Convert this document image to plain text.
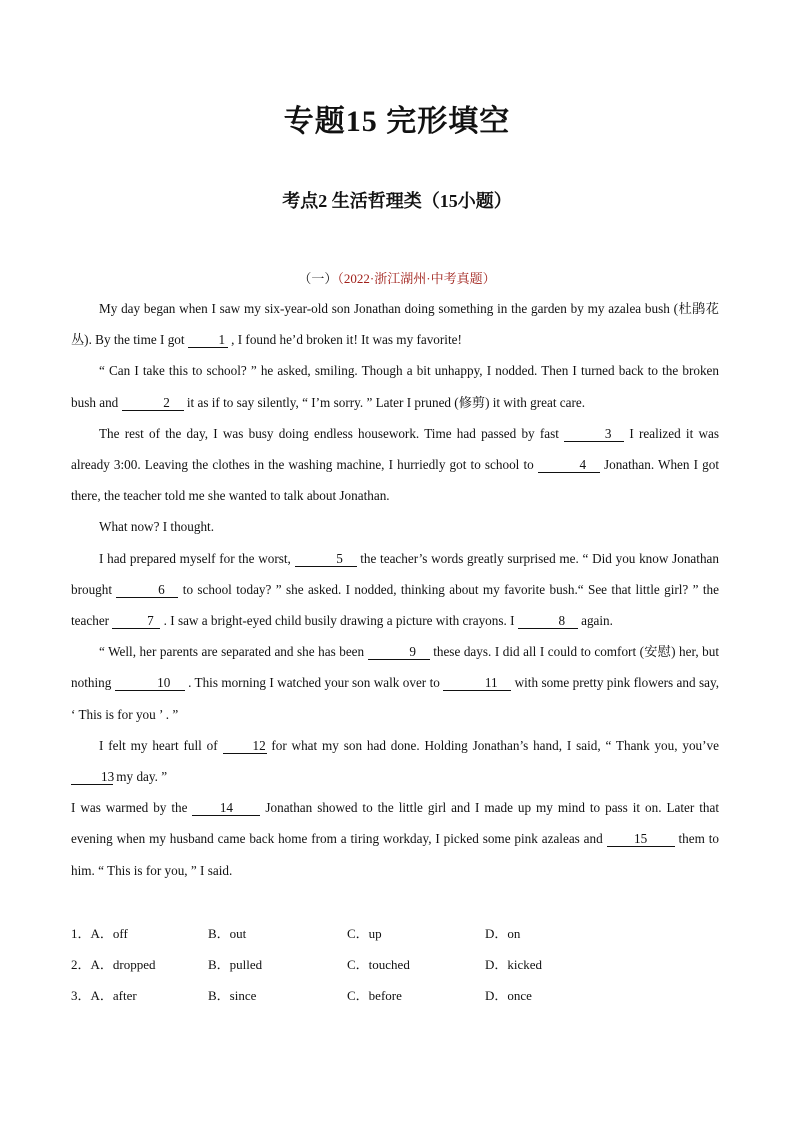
专题15 完形填空
考点2 生活哲理类（15小题）
（一）（2022·浙江湖州·中考真题）

My day began when I saw my six-year-old son Jonathan doing something in the garden by my azalea bush (杜鹃花丛). By the time I got 1 , I found he’d broken it! It was my favorite!

“ Can I take this to school? ” he asked, smiling. Though a bit unhappy, I nodded. Then I turned back to the broken bush and	2 it as if to say silently, “ I’m sorry. ” Later I pruned (修剪) it with great care.

The rest of the day, I was busy doing endless housework. Time had passed by fast	3 I realized it was already 3:00. Leaving the clothes in the washing machine, I hurriedly got to school to	4 Jonathan. When I got there, the teacher told me she wanted to talk about Jonathan.

What now? I thought.

I had prepared myself for the worst,	5 the teacher’s words greatly surprised me. “ Did you know Jonathan brought	6 to school today? ” she asked. I nodded, thinking about my favorite bush.“ See that little girl? ” the teacher	7 . I saw a bright-eyed child busily drawing a picture with crayons. I	8 again.

“ Well, her parents are separated and she has been	9 these days. I did all I could to comfort (安慰) her, but nothing	10 . This morning I watched your son walk over to	11 with some pretty pink flowers and say, ‘ This is for you ’ . ”

I felt my heart full of 12 for what my son had done. Holding Jonathan’s hand, I said, “ Thank you, you’ve 13 my day. ”

I was warmed by the 14 Jonathan showed to the little girl and I made up my mind to pass it on. Later that evening when my husband came back home from a tiring workday, I picked some pink azaleas and 15 them to him. “ This is for you, ” I said.

1．A．off	B．out	C．up	D．on
2．A．dropped	B．pulled	C．touched	D．kicked
3．A．after	B．since	C．before	D．once
